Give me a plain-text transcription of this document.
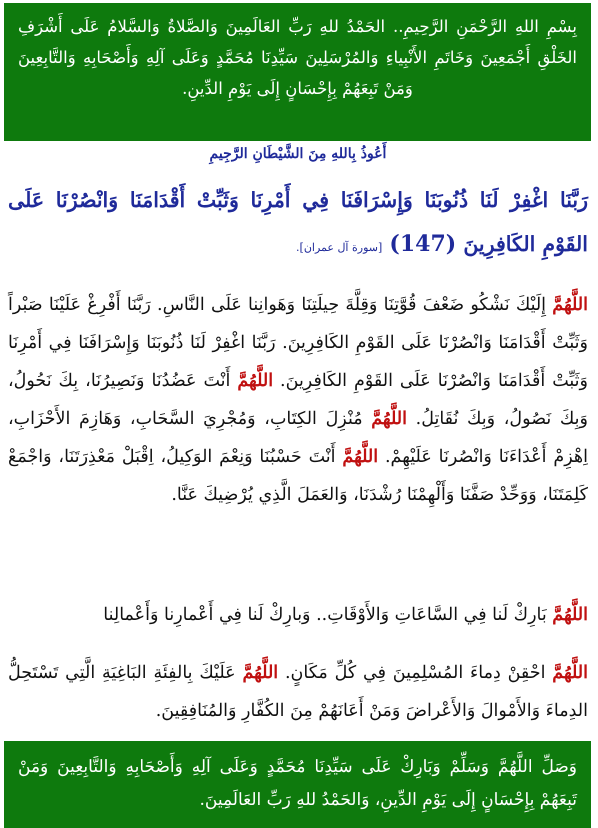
بِسْمِ اللهِ الرَّحْمَنِ الرَّحِيمِ.. الحَمْدُ للهِ رَبِّ العَالَمِينَ وَالصَّلاةُ وَالسَّلامُ عَلَى أَشْرَفِ الخَلْقِ أَجْمَعِينَ وَخَاتَمِ الأَنْبِياءِ وَالمُرْسَلِينَ سَيِّدِنَا مُحَمَّدٍ وَعَلَى آلِهِ وَأَصْحَابِهِ وَالتَّابِعِينَ وَمَنْ تَبِعَهُمْ بِإِحْسَانٍ إِلَى يَوْمِ الدِّينِ.
أَعُوذُ بِاللهِ مِنَ الشَّيْطَانِ الرَّجِيمِ
رَبَّنَا اغْفِرْ لَنَا ذُنُوبَنَا وَإِسْرَافَنَا فِي أَمْرِنَا وَثَبِّتْ أَقْدَامَنَا وَانْصُرْنَا عَلَى القَوْمِ الكَافِرِينَ (147) [سورة آل عمران].
اللَّهُمَّ إِلَيْكَ نَشْكُو ضَعْفَ قُوَّتِنَا وَقِلَّةَ حِيلَتِنَا وَهَوانِنا عَلَى النَّاسِ. رَبَّنَا أَفْرِغْ عَلَيْنَا صَبْراً وَثَبِّتْ أَقْدَامَنَا وَانْصُرْنَا عَلَى القَوْمِ الكَافِرِينَ. رَبَّنَا اغْفِرْ لَنَا ذُنُوبَنَا وَإِسْرَافَنَا فِي أَمْرِنَا وَثَبِّتْ أَقْدَامَنَا وَانْصُرْنَا عَلَى القَوْمِ الكَافِرِينَ. اللَّهُمَّ أَنْتَ عَضُدُنَا وَنَصِيرُنَا، بِكَ نَحُولُ، وَبِكَ نَصُولُ، وَبِكَ نُقَاتِلُ. اللَّهُمَّ مُنْزِلَ الكِتَابِ، وَمُجْرِيَ السَّحَابِ، وَهَازِمَ الأَحْزَابِ، اِهْزِمْ أَعْدَاءَنَا وَانْصُرنَا عَلَيْهِمْ. اللَّهُمَّ أَنْتَ حَسْبُنَا وَنِعْمَ الوَكِيلُ، اِقْبَلْ مَعْذِرَتَنَا، وَاجْمَعْ كَلِمَتَنَا، وَوَحِّدْ صَفَّنَا وَأَلْهِمْنَا رُشْدَنَا، وَالعَمَلَ الَّذِي يُرْضِيكَ عَنَّا.
اللَّهُمَّ بَارِكْ لَنا فِي السَّاعَاتِ وَالأَوْقَاتِ.. وَبارِكْ لَنا فِي أَعْمارِنا وَأَعْمالِنا
اللَّهُمَّ احْقِنْ دِماءَ المُسْلِمِينَ فِي كُلِّ مَكَانٍ. اللَّهُمَّ عَلَيْكَ بِالفِئَةِ البَاغِيَةِ الَّتِي تَسْتَحِلُّ الدِماءَ وَالأَمْوالَ وَالأَعْراضَ وَمَنْ أَعَانَهُمْ مِنَ الكُفَّارِ وَالمُنَافِقِينَ.
وَصَلِّ اللَّهُمَّ وَسَلِّمْ وَبَارِكْ عَلَى سَيِّدِنَا مُحَمَّدٍ وَعَلَى آلِهِ وَأَصْحَابِهِ وَالتَّابِعِينَ وَمَنْ تَبِعَهُمْ بِإِحْسَانٍ إِلَى يَوْمِ الدِّينِ، وَالحَمْدُ للهِ رَبِّ العَالَمِينَ.
